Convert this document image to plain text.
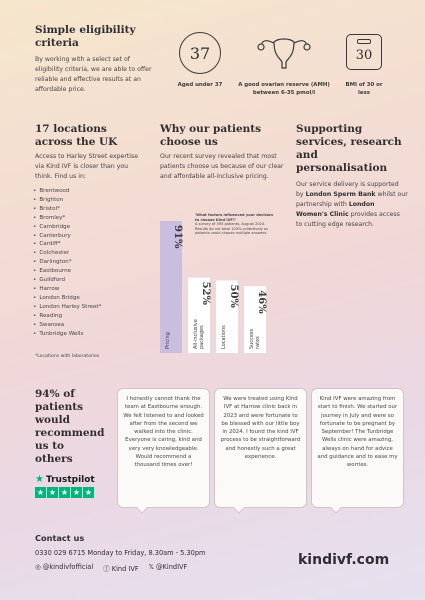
Simple eligibility criteria
By working with a select set of eligibility criteria, we are able to offer reliable and effective results at an affordable price.
37
Aged under 37	A good ovarian reserve (AMH) between 6-35 pmol/l
30
BMI of 30 or less
17 locations across the UK
Access to Harley Street expertise via Kind IVF is closer than you think. Find us in:
• Brentwood
• Brighton
• Bristol*
• Bromley*
• Cambridge
• Canterbury
• Cardiff*
• Colchester
• Darlington*
• Eastbourne
• Guildford
• Harrow
• London Bridge
• London Harley Street*
• Reading
• Swansea
• Tunbridge Wells
*Locations with laboratories
Why our patients choose us
Our recent survey revealed that most patients choose us because of our clear and affordable all-inclusive pricing.
91%
Pricing
52%
All-inclusive packages
50%
Locations
46%
Success rates
'What factors influenced your decision to choose Kind IVF?'
A survey of 393 patients, August 2024. Results do not total 100% collectively as patients could choose multiple answers.
Supporting services, research and personalisation
Our service delivery is supported by London Sperm Bank whilst our partnership with London Women's Clinic provides access to cutting edge research.
94% of patients would recommend us to others
★ Trustpilot
★ ★ ★ ★ ★
I honestly cannot thank the team at Eastbourne enough. We felt listened to and looked after from the second we walked into the clinic. Everyone is caring, kind and very very knowledgeable. Would recommend a thousand times over!
We were treated using Kind IVF at Harrow clinic back in 2023 and were fortunate to be blessed with our little boy in 2024. I found the kind IVF process to be straightforward and honestly such a great experience.
Kind IVF were amazing from start to finish. We started our journey in July and were so fortunate to be pregnant by September! The Tunbridge Wells clinic were amazing, always on hand for advice and guidance and to ease my worries.
Contact us
0330 029 6715 Monday to Friday, 8.30am - 5.30pm
◎ @kindivfofficial ⓕ Kind IVF 𝕏 @KindIVF	kindivf.com
